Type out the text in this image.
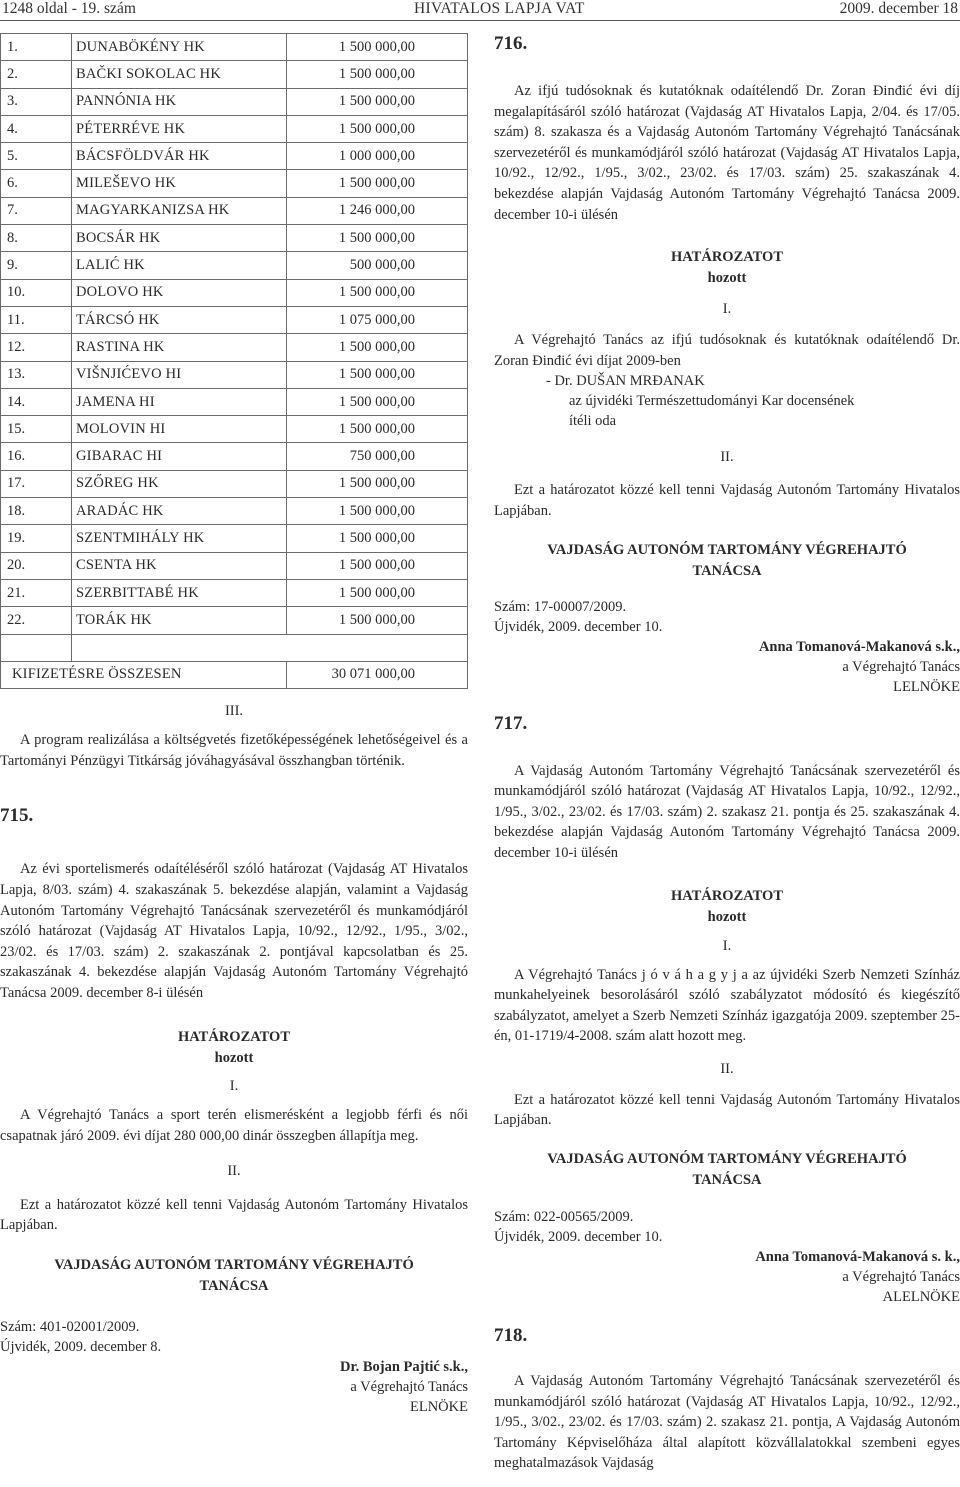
1248 oldal - 19. szám	HIVATALOS LAPJA VAT	2009. december 18
1.	DUNABÖKÉNY HK	1 500 000,00
2.	BAČKI SOKOLAC HK	1 500 000,00
3.	PANNÓNIA HK	1 500 000,00
4.	PÉTERRÉVE HK	1 500 000,00
5.	BÁCSFÖLDVÁR HK	1 000 000,00
6.	MILEŠEVO HK	1 500 000,00
7.	MAGYARKANIZSA HK	1 246 000,00
8.	BOCSÁR HK	1 500 000,00
9.	LALIĆ HK	500 000,00
10.	DOLOVO HK	1 500 000,00
11.	TÁRCSÓ HK	1 075 000,00
12.	RASTINA HK	1 500 000,00
13.	VIŠNJIĆEVO HI	1 500 000,00
14.	JAMENA HI	1 500 000,00
15.	MOLOVIN HI	1 500 000,00
16.	GIBARAC HI	750 000,00
17.	SZŐREG HK	1 500 000,00
18.	ARADÁC HK	1 500 000,00
19.	SZENTMIHÁLY HK	1 500 000,00
20.	CSENTA HK	1 500 000,00
21.	SZERBITTABÉ HK	1 500 000,00
22.	TORÁK HK	1 500 000,00

KIFIZETÉSRE ÖSSZESEN		30 071 000,00
III.

A program realizálása a költségvetés fizetőképességének lehetőségeivel és a Tartományi Pénzügyi Titkárság jóváhagyásával összhangban történik.

715.

Az évi sportelismerés odaítéléséről szóló határozat (Vajdaság AT Hivatalos Lapja, 8/03. szám) 4. szakaszának 5. bekezdése alapján, valamint a Vajdaság Autonóm Tartomány Végrehajtó Tanácsának szervezetéről és munkamódjáról szóló határozat (Vajdaság AT Hivatalos Lapja, 10/92., 12/92., 1/95., 3/02., 23/02. és 17/03. szám) 2. szakaszának 2. pontjával kapcsolatban és 25. szakaszának 4. bekezdése alapján Vajdaság Autonóm Tartomány Végrehajtó Tanácsa 2009. december 8-i ülésén

HATÁROZATOT
hozott
I.

A Végrehajtó Tanács a sport terén elismerésként a legjobb férfi és női csapatnak járó 2009. évi díjat 280 000,00 dinár összegben állapítja meg.

II.

Ezt a határozatot közzé kell tenni Vajdaság Autonóm Tartomány Hivatalos Lapjában.

VAJDASÁG AUTONÓM TARTOMÁNY VÉGREHAJTÓ TANÁCSA
Szám: 401-02001/2009.
Újvidék, 2009. december 8.
Dr. Bojan Pajtić s.k.,
a Végrehajtó Tanács
ELNÖKE
716.

Az ifjú tudósoknak és kutatóknak odaítélendő Dr. Zoran Đinđić évi díj megalapításáról szóló határozat (Vajdaság AT Hivatalos Lapja, 2/04. és 17/05. szám) 8. szakasza és a Vajdaság Autonóm Tartomány Végrehajtó Tanácsának szervezetéről és munkamódjáról szóló határozat (Vajdaság AT Hivatalos Lapja, 10/92., 12/92., 1/95., 3/02., 23/02. és 17/03. szám) 25. szakaszának 4. bekezdése alapján Vajdaság Autonóm Tartomány Végrehajtó Tanácsa 2009. december 10-i ülésén

HATÁROZATOT
hozott
I.

A Végrehajtó Tanács az ifjú tudósoknak és kutatóknak odaítélendő Dr. Zoran Đinđić évi díjat 2009-ben

- Dr. DUŠAN MRĐANAK
az újvidéki Természettudományi Kar docensének
ítéli oda
II.

Ezt a határozatot közzé kell tenni Vajdaság Autonóm Tartomány Hivatalos Lapjában.

VAJDASÁG AUTONÓM TARTOMÁNY VÉGREHAJTÓ TANÁCSA
Szám: 17-00007/2009.
Újvidék, 2009. december 10.
Anna Tomanová-Makanová s.k.,
a Végrehajtó Tanács
LELNÖKE
717.

A Vajdaság Autonóm Tartomány Végrehajtó Tanácsának szervezetéről és munkamódjáról szóló határozat (Vajdaság AT Hivatalos Lapja, 10/92., 12/92., 1/95., 3/02., 23/02. és 17/03. szám) 2. szakasz 21. pontja és 25. szakaszának 4. bekezdése alapján Vajdaság Autonóm Tartomány Végrehajtó Tanácsa 2009. december 10-i ülésén

HATÁROZATOT
hozott
I.

A Végrehajtó Tanács j ó v á h a g y j a az újvidéki Szerb Nemzeti Színház munkahelyeinek besorolásáról szóló szabályzatot módosító és kiegészítő szabályzatot, amelyet a Szerb Nemzeti Színház igazgatója 2009. szeptember 25-én, 01-1719/4-2008. szám alatt hozott meg.

II.

Ezt a határozatot közzé kell tenni Vajdaság Autonóm Tartomány Hivatalos Lapjában.

VAJDASÁG AUTONÓM TARTOMÁNY VÉGREHAJTÓ TANÁCSA
Szám: 022-00565/2009.
Újvidék, 2009. december 10.
Anna Tomanová-Makanová s. k.,
a Végrehajtó Tanács
ALELNÖKE
718.

A Vajdaság Autonóm Tartomány Végrehajtó Tanácsának szervezetéről és munkamódjáról szóló határozat (Vajdaság AT Hivatalos Lapja, 10/92., 12/92., 1/95., 3/02., 23/02. és 17/03. szám) 2. szakasz 21. pontja, A Vajdaság Autonóm Tartomány Képviselőháza által alapított közvállalatokkal szembeni egyes meghatalmazások Vajdaság
